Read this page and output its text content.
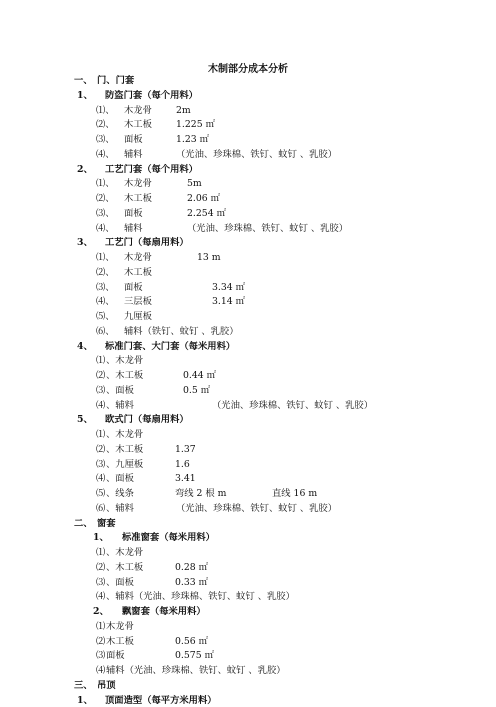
木制部分成本分析
一、 门、门套
1、 防盗门套（每个用料）
⑴、 木龙骨	2m
⑵、 木工板	1.225 ㎡
⑶、 面板	1.23 ㎡
⑷、 辅料	（光油、珍珠棉、铁钉、蚊钉 、乳胶）
2、 工艺门套（每个用料）
⑴、 木龙骨	5m
⑵、 木工板	2.06 ㎡
⑶、 面板	2.254 ㎡
⑷、 辅料	（光油、珍珠棉、铁钉、蚊钉 、乳胶）
3、 工艺门（每扇用料）
⑴、 木龙骨	13 m
⑵、 木工板
⑶、 面板	3.34 ㎡
⑷、 三层板	3.14 ㎡
⑸、 九厘板
⑹、 辅料（铁钉、蚊钉 、乳胶）
4、 标准门套、大门套（每米用料）
⑴ 、木龙骨
⑵ 、木工板	0.44 ㎡
⑶ 、面板	0.5 ㎡
⑷ 、辅料	（光油、珍珠棉、铁钉、蚊钉 、乳胶）
5、 欧式门（每扇用料）
⑴ 、木龙骨
⑵ 、木工板	1.37
⑶ 、九厘板	1.6
⑷ 、面板	3.41
⑸ 、线条	弯线 2 根 m	直线 16 m
⑹ 、辅料	（光油、珍珠棉、铁钉、蚊钉 、乳胶）
二、 窗套
1、 标准窗套（每米用料）
⑴ 、木龙骨
⑵ 、木工板	0.28 ㎡
⑶ 、面板	0.33 ㎡
⑷ 、辅料（光油、珍珠棉、铁钉、蚊钉 、乳胶）
2、 飘窗套（每米用料）
⑴ 木龙骨
⑵ 木工板	0.56 ㎡
⑶ 面板	0.575 ㎡
⑷ 辅料（光油、珍珠棉、铁钉、蚊钉 、乳胶）
三、 吊顶
1、 顶面造型（每平方米用料）
